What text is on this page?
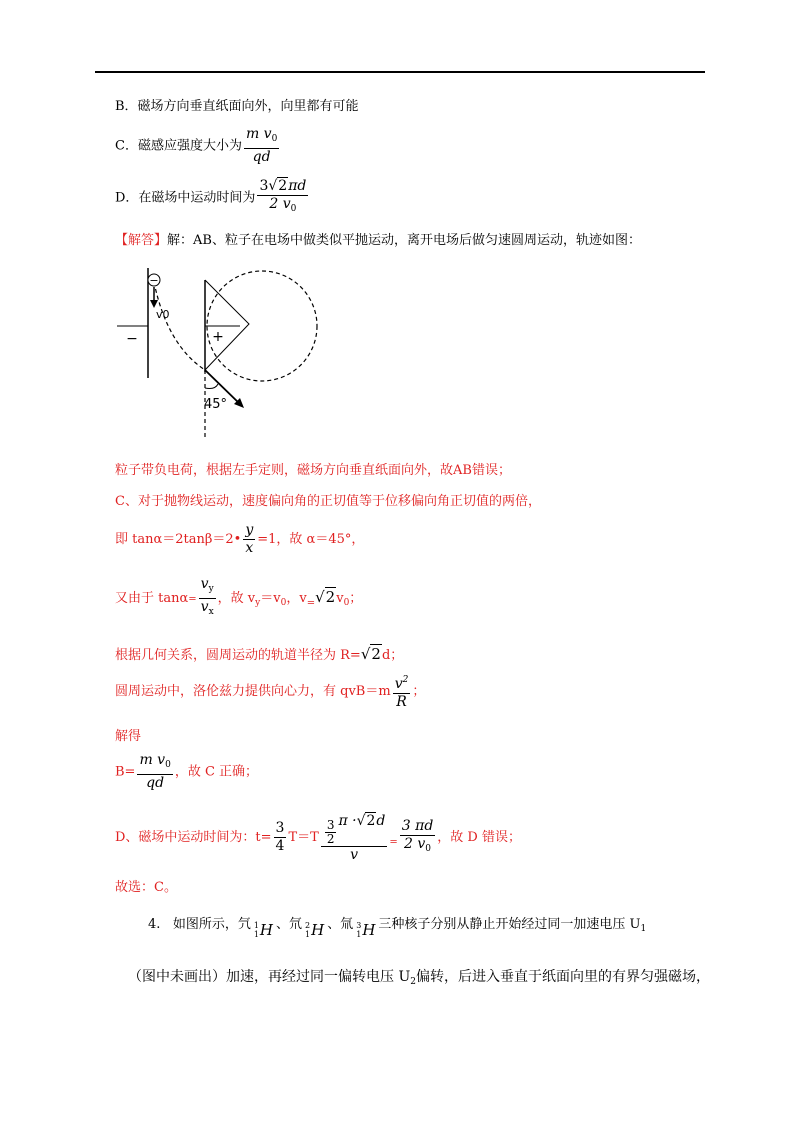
B．磁场方向垂直纸面向外，向里都有可能
C．磁感应强度大小为 $\frac{m v_0}{qd}$
D．在磁场中运动时间为 $\frac{3√2\pi d}{2 v_0}$
【解答】解：AB、粒子在电场中做类似平抛运动，离开电场后做匀速圆周运动，轨迹如图：
−	+
−
v0
45°
粒子带负电荷，根据左手定则，磁场方向垂直纸面向外，故AB错误；
C、对于抛物线运动，速度偏向角的正切值等于位移偏向角正切值的两倍，
即 tanα＝2tanβ＝2• $\frac{y}{x} =1$，故 α＝45°，
又由于 $\tan\alpha= \frac{v_y}{v_x}$ ，故 $v_y=v_0$，$v_=√2v_0$；
根据几何关系，圆周运动的轨道半径为 R=√2d；
圆周运动中，洛伦兹力提供向心力，有 $qvB=m \frac{v^2}{R}$ ；
解得
$B= \frac{m v_0}{qd}$ ，故 C 正确；
D、磁场中运动时间为：$t= \frac{3}{4} T=T \frac{\frac{3}{2} \pi \cdot√2d}{v} _= \frac{3 \pi d}{2 v_0}$ ，故 D 错误；
故选：C。
4. 如图所示，氕 1
1 H 、氘 2
1 H 、氚 3
1 H 三种核子分别从静止开始经过同一加速电压 $U_1$
（图中未画出）加速，再经过同一偏转电压 $U_2$偏转，后进入垂直于纸面向里的有界匀强磁场，
